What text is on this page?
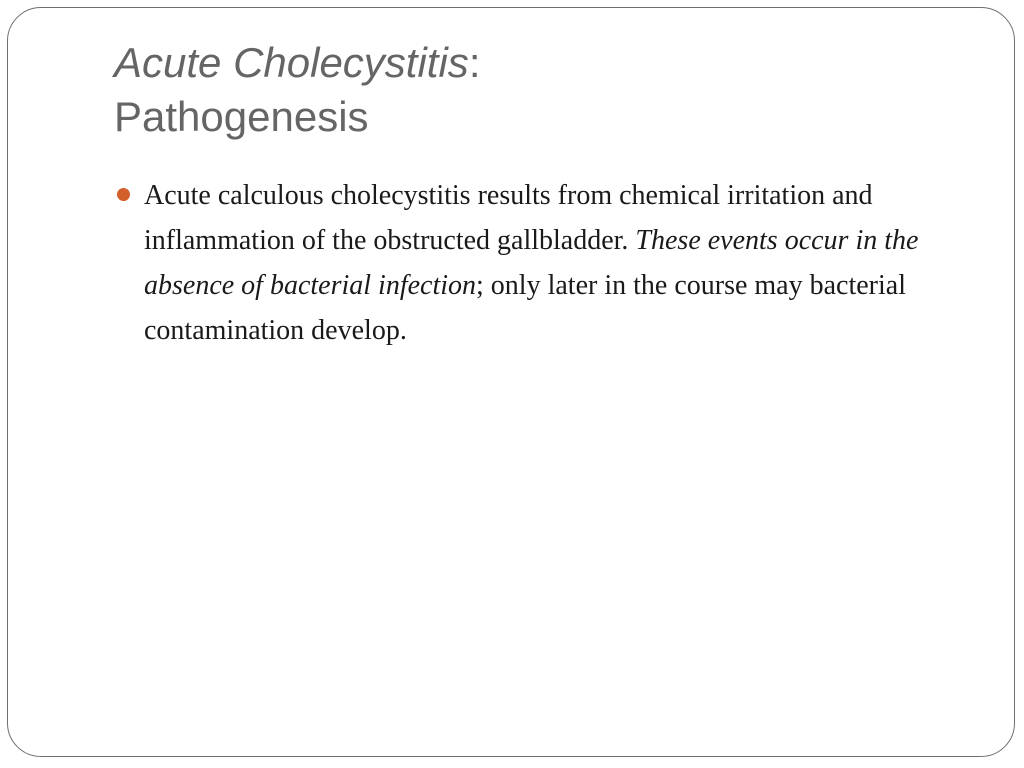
Acute Cholecystitis:
Pathogenesis

Acute calculous cholecystitis results from chemical irritation and inflammation of the obstructed gallbladder. These events occur in the absence of bacterial infection; only later in the course may bacterial contamination develop.
